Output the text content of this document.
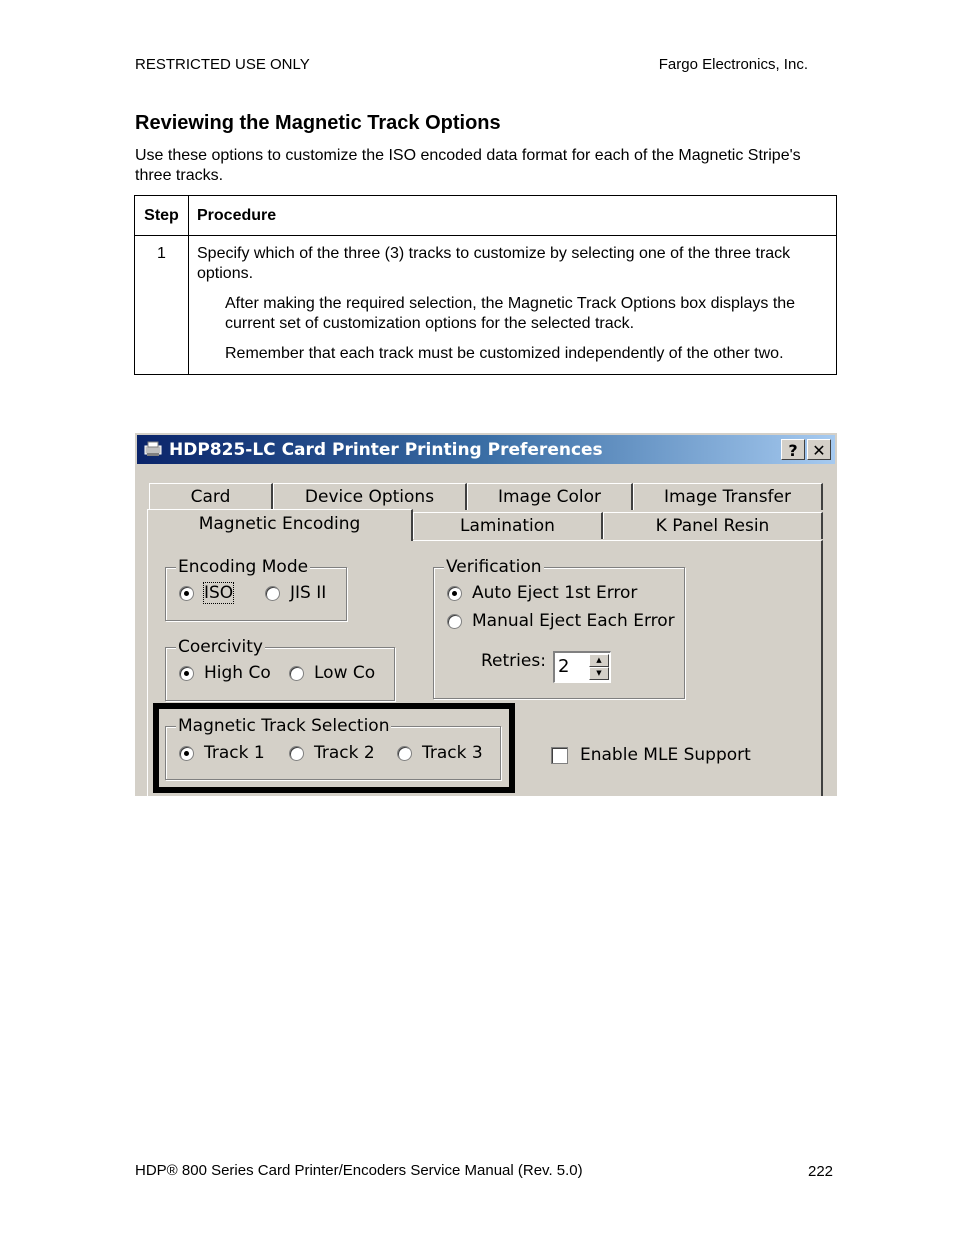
RESTRICTED USE ONLY	Fargo Electronics, Inc.
Reviewing the Magnetic Track Options
Use these options to customize the ISO encoded data format for each of the Magnetic Stripe's three tracks.
Step	Procedure
1	Specify which of the three (3) tracks to customize by selecting one of the three track options.

After making the required selection, the Magnetic Track Options box displays the current set of customization options for the selected track.

Remember that each track must be customized independently of the other two.

HDP825-LC Card Printer Printing Preferences	? ✕
Card	Device Options	Image Color	Image Transfer
Magnetic Encoding	Lamination	K Panel Resin
Encoding Mode
ISO	JIS II
Coercivity
High Co	Low Co
Verification
Auto Eject 1st Error
Manual Eject Each Error
Retries: 2	▲
▼
Magnetic Track Selection
Track 1	Track 2	Track 3	Enable MLE Support
HDP® 800 Series Card Printer/Encoders Service Manual (Rev. 5.0)	222
